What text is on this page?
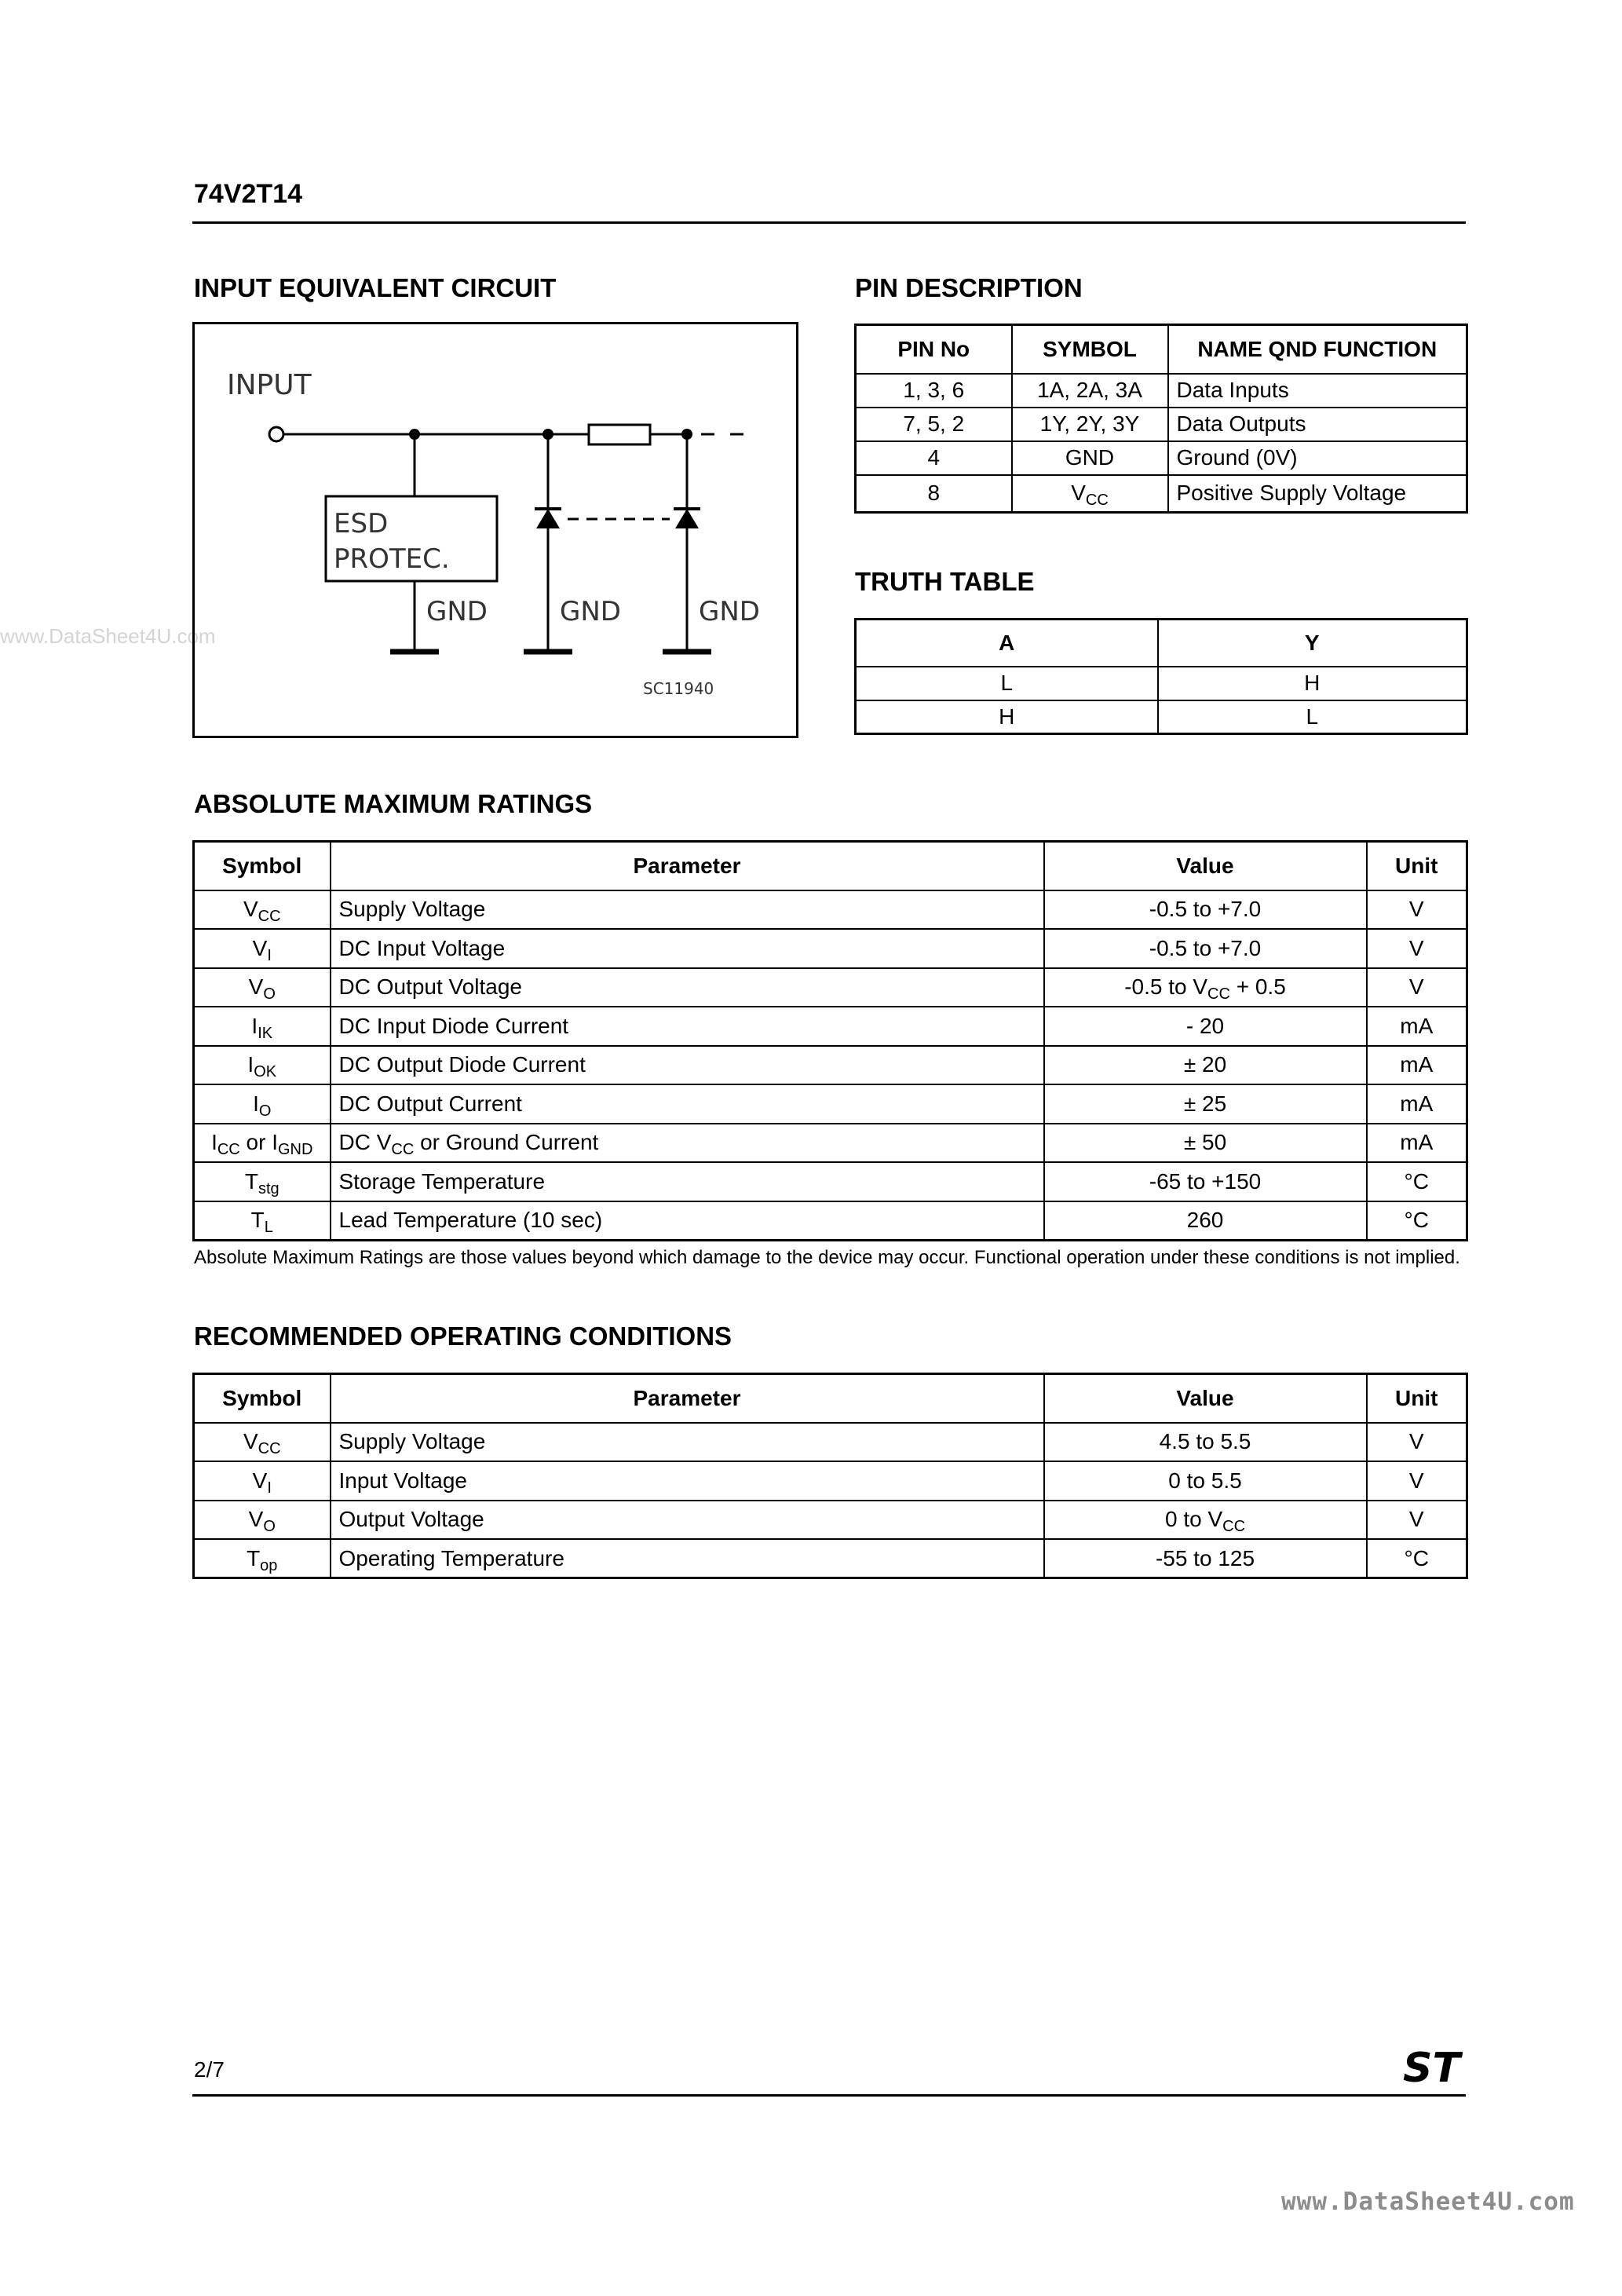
74V2T14
www.DataSheet4U.com
INPUT EQUIVALENT CIRCUIT
INPUT
ESD
PROTEC.
GND	GND	GND
SC11940
PIN DESCRIPTION
PIN No	SYMBOL	NAME QND FUNCTION
1, 3, 6	1A, 2A, 3A	Data Inputs
7, 5, 2	1Y, 2Y, 3Y	Data Outputs
4	GND	Ground (0V)
8	$V_{CC}$	Positive Supply Voltage
TRUTH TABLE
A	Y
L	H
H	L
ABSOLUTE MAXIMUM RATINGS
Symbol	Parameter	Value	Unit
$V_{CC}$	Supply Voltage	-0.5 to +7.0	V
$V_I$	DC Input Voltage	-0.5 to +7.0	V
$V_O$	DC Output Voltage	-0.5 to $V_{CC} + 0.5$	V
$I_{IK}$	DC Input Diode Current	- 20	mA
$I_{OK}$	DC Output Diode Current	± 20	mA
$I_O$	DC Output Current	± 25	mA
$I_{CC}$ or $I_{GND}$	DC $V_{CC}$ or Ground Current	± 50	mA
$T_{stg}$	Storage Temperature	-65 to +150	°C
$T_L$	Lead Temperature (10 sec)	260	°C
Absolute Maximum Ratings are those values beyond which damage to the device may occur. Functional operation under these conditions is not implied.
RECOMMENDED OPERATING CONDITIONS
Symbol	Parameter	Value	Unit
$V_{CC}$	Supply Voltage	4.5 to 5.5	V
$V_I$	Input Voltage	0 to 5.5	V
$V_O$	Output Voltage	0 to $V_{CC}$	V
$T_{op}$	Operating Temperature	-55 to 125	°C
2/7	ST
www.DataSheet4U.com
